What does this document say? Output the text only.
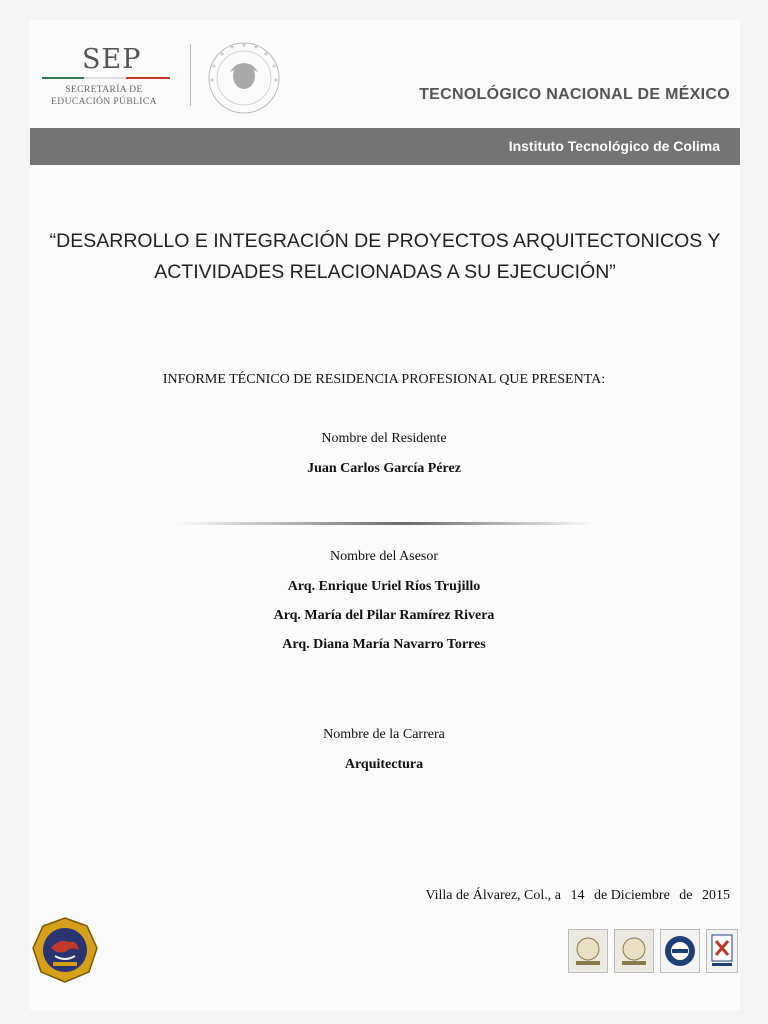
SEP
SECRETARÍA DE
EDUCACIÓN PÚBLICA	TECNOLÓGICO NACIONAL DE MÉXICO
Instituto Tecnológico de Colima
“DESARROLLO E INTEGRACIÓN DE PROYECTOS ARQUITECTONICOS Y
ACTIVIDADES RELACIONADAS A SU EJECUCIÓN”
INFORME TÉCNICO DE RESIDENCIA PROFESIONAL QUE PRESENTA:
Nombre del Residente
Juan Carlos García Pérez
Nombre del Asesor
Arq. Enrique Uriel Ríos Trujillo
Arq. María del Pilar Ramírez Rivera
Arq. Diana María Navarro Torres
Nombre de la Carrera
Arquitectura
Villa de Álvarez, Col., a 14 de Diciembre de 2015
